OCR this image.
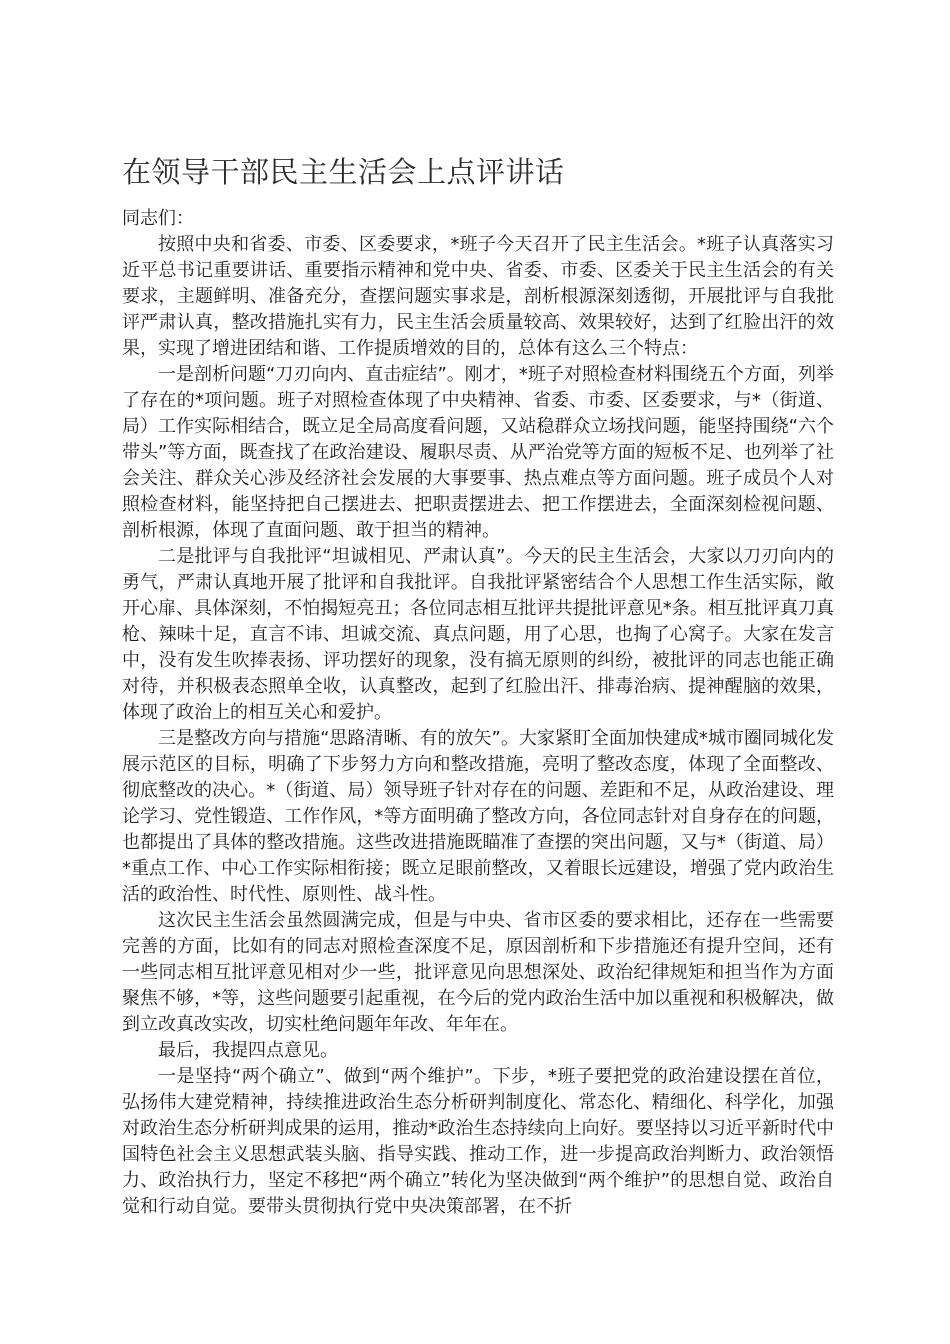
在领导干部民主生活会上点评讲话

同志们：

按照中央和省委、市委、区委要求，*班子今天召开了民主生活会。*班子认真落实习近平总书记重要讲话、重要指示精神和党中央、省委、市委、区委关于民主生活会的有关要求，主题鲜明、准备充分，查摆问题实事求是，剖析根源深刻透彻，开展批评与自我批评严肃认真，整改措施扎实有力，民主生活会质量较高、效果较好，达到了红脸出汗的效果，实现了增进团结和谐、工作提质增效的目的，总体有这么三个特点：

一是剖析问题“刀刃向内、直击症结”。刚才，*班子对照检查材料围绕五个方面，列举了存在的*项问题。班子对照检查体现了中央精神、省委、市委、区委要求，与*（街道、局）工作实际相结合，既立足全局高度看问题，又站稳群众立场找问题，能坚持围绕“六个带头”等方面，既查找了在政治建设、履职尽责、从严治党等方面的短板不足、也列举了社会关注、群众关心涉及经济社会发展的大事要事、热点难点等方面问题。班子成员个人对照检查材料，能坚持把自己摆进去、把职责摆进去、把工作摆进去，全面深刻检视问题、剖析根源，体现了直面问题、敢于担当的精神。

二是批评与自我批评“坦诚相见、严肃认真”。今天的民主生活会，大家以刀刃向内的勇气，严肃认真地开展了批评和自我批评。自我批评紧密结合个人思想工作生活实际，敞开心扉、具体深刻，不怕揭短亮丑；各位同志相互批评共提批评意见*条。相互批评真刀真枪、辣味十足，直言不讳、坦诚交流、真点问题，用了心思，也掏了心窝子。大家在发言中，没有发生吹捧表扬、评功摆好的现象，没有搞无原则的纠纷，被批评的同志也能正确对待，并积极表态照单全收，认真整改，起到了红脸出汗、排毒治病、提神醒脑的效果，体现了政治上的相互关心和爱护。

三是整改方向与措施“思路清晰、有的放矢”。大家紧盯全面加快建成*城市圈同城化发展示范区的目标，明确了下步努力方向和整改措施，亮明了整改态度，体现了全面整改、彻底整改的决心。*（街道、局）领导班子针对存在的问题、差距和不足，从政治建设、理论学习、党性锻造、工作作风，*等方面明确了整改方向，各位同志针对自身存在的问题，也都提出了具体的整改措施。这些改进措施既瞄准了查摆的突出问题，又与*（街道、局）*重点工作、中心工作实际相衔接；既立足眼前整改，又着眼长远建设，增强了党内政治生活的政治性、时代性、原则性、战斗性。

这次民主生活会虽然圆满完成，但是与中央、省市区委的要求相比，还存在一些需要完善的方面，比如有的同志对照检查深度不足，原因剖析和下步措施还有提升空间，还有一些同志相互批评意见相对少一些，批评意见向思想深处、政治纪律规矩和担当作为方面聚焦不够，*等，这些问题要引起重视，在今后的党内政治生活中加以重视和积极解决，做到立改真改实改，切实杜绝问题年年改、年年在。

最后，我提四点意见。

一是坚持“两个确立”、做到“两个维护”。下步，*班子要把党的政治建设摆在首位，弘扬伟大建党精神，持续推进政治生态分析研判制度化、常态化、精细化、科学化，加强对政治生态分析研判成果的运用，推动*政治生态持续向上向好。要坚持以习近平新时代中国特色社会主义思想武装头脑、指导实践、推动工作，进一步提高政治判断力、政治领悟力、政治执行力，坚定不移把“两个确立”转化为坚决做到“两个维护”的思想自觉、政治自觉和行动自觉。要带头贯彻执行党中央决策部署，在不折
